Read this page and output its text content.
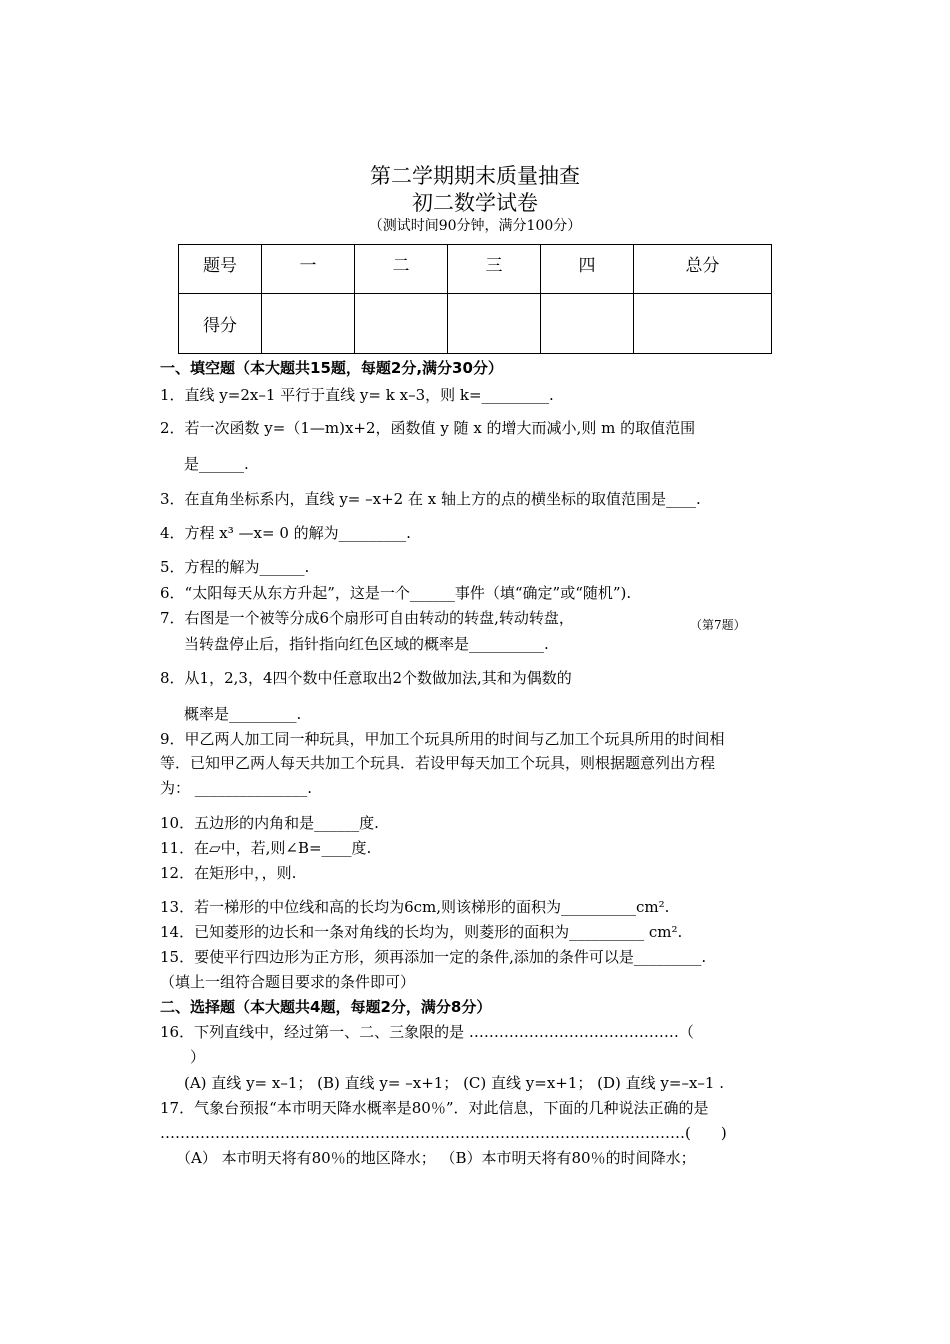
第二学期期末质量抽查
初二数学试卷
（测试时间90分钟，满分100分）
题号	一	二	三	四	总分
得分					
一、填空题（本大题共15题，每题2分,满分30分）
1．直线 y=2x–1 平行于直线 y= k x–3，则 k=_________.
2．若一次函数 y=（1—m)x+2，函数值 y 随 x 的增大而减小,则 m 的取值范围
是______.
3．在直角坐标系内，直线 y= –x+2 在 x 轴上方的点的横坐标的取值范围是____.
4．方程 x³ —x= 0 的解为_________.
5．方程的解为______.
6．“太阳每天从东方升起”，这是一个______事件（填“确定”或“随机”).
7．右图是一个被等分成6个扇形可自由转动的转盘,转动转盘，	（第7题）
当转盘停止后，指针指向红色区域的概率是__________.
8．从1，2,3，4四个数中任意取出2个数做加法,其和为偶数的
概率是_________.
9．甲乙两人加工同一种玩具，甲加工个玩具所用的时间与乙加工个玩具所用的时间相
等．已知甲乙两人每天共加工个玩具．若设甲每天加工个玩具，则根据题意列出方程
为： _______________.
10．五边形的内角和是______度.
11．在▱中，若,则∠B=____度.
12．在矩形中，，则.
13．若一梯形的中位线和高的长均为6cm,则该梯形的面积为__________cm².
14．已知菱形的边长和一条对角线的长均为，则菱形的面积为__________ cm².
15．要使平行四边形为正方形，须再添加一定的条件,添加的条件可以是_________.
（填上一组符合题目要求的条件即可）
二、选择题（本大题共4题，每题2分，满分8分）
16．下列直线中，经过第一、二、三象限的是 ……………………………………（
）
(A) 直线 y= x–1； (B) 直线 y= –x+1； (C) 直线 y=x+1； (D) 直线 y=–x–1 .
17．气象台预报“本市明天降水概率是80％”．对此信息，下面的几种说法正确的是
……………………………………………………………………………………………(　　)
（A） 本市明天将有80％的地区降水； （B）本市明天将有80％的时间降水；
